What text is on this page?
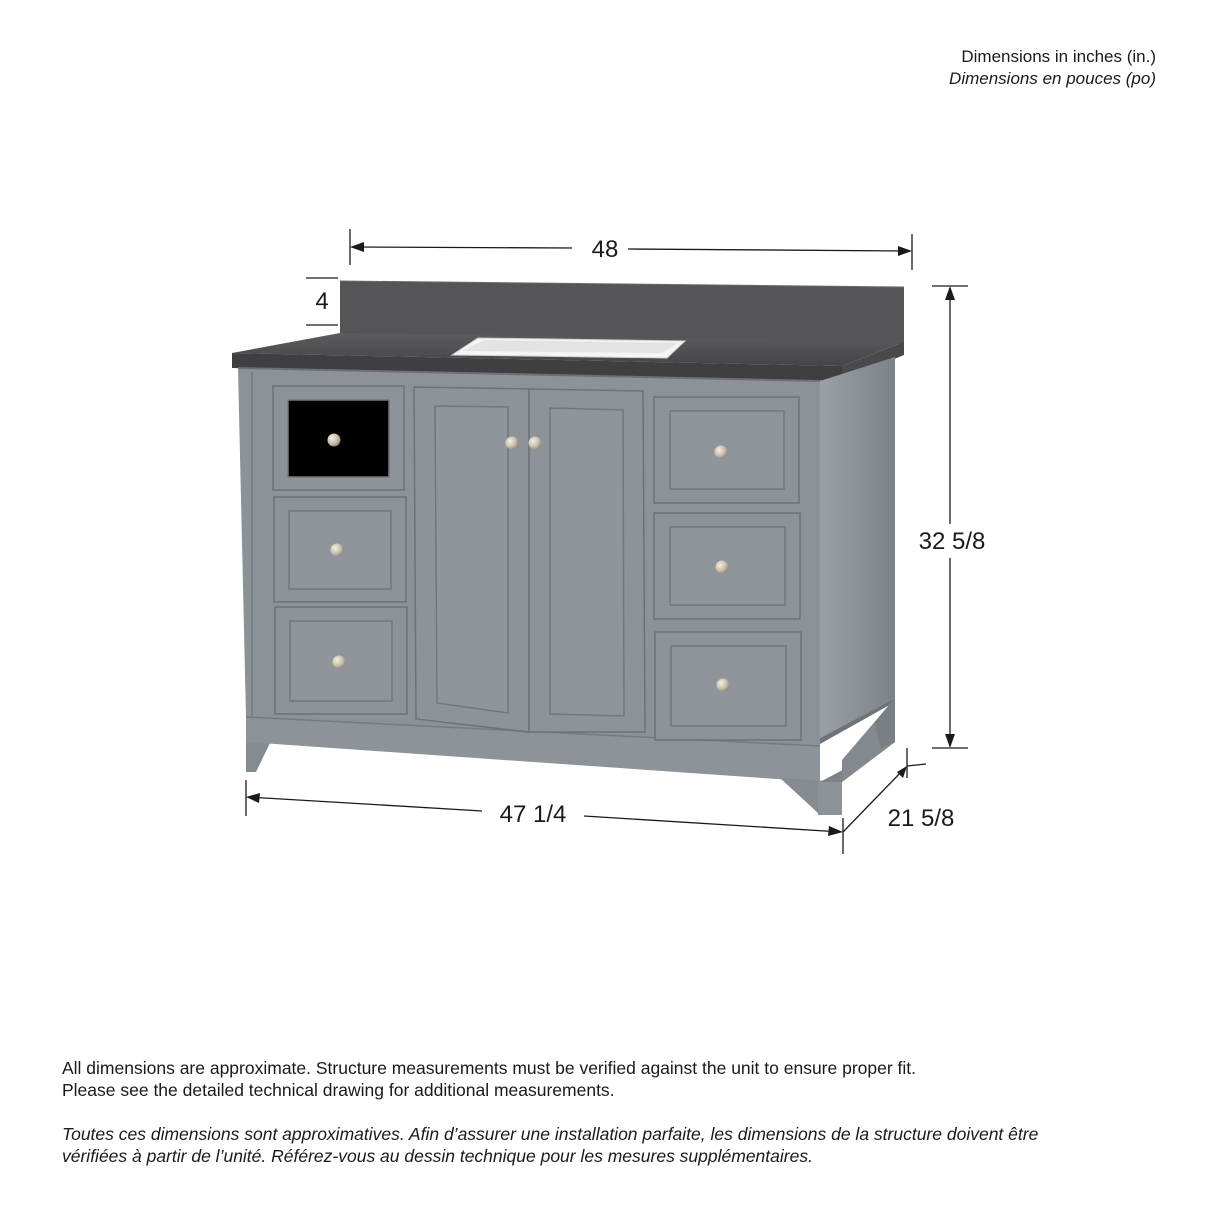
Dimensions in inches (in.)
Dimensions en pouces (po)
48
4
32 5/8
47 1/4	21 5/8

All dimensions are approximate. Structure measurements must be verified against the unit to ensure proper fit.

Please see the detailed technical drawing for additional measurements.

Toutes ces dimensions sont approximatives. Afin d’assurer une installation parfaite, les dimensions de la structure doivent être

vérifiées à partir de l’unité. Référez-vous au dessin technique pour les mesures supplémentaires.
